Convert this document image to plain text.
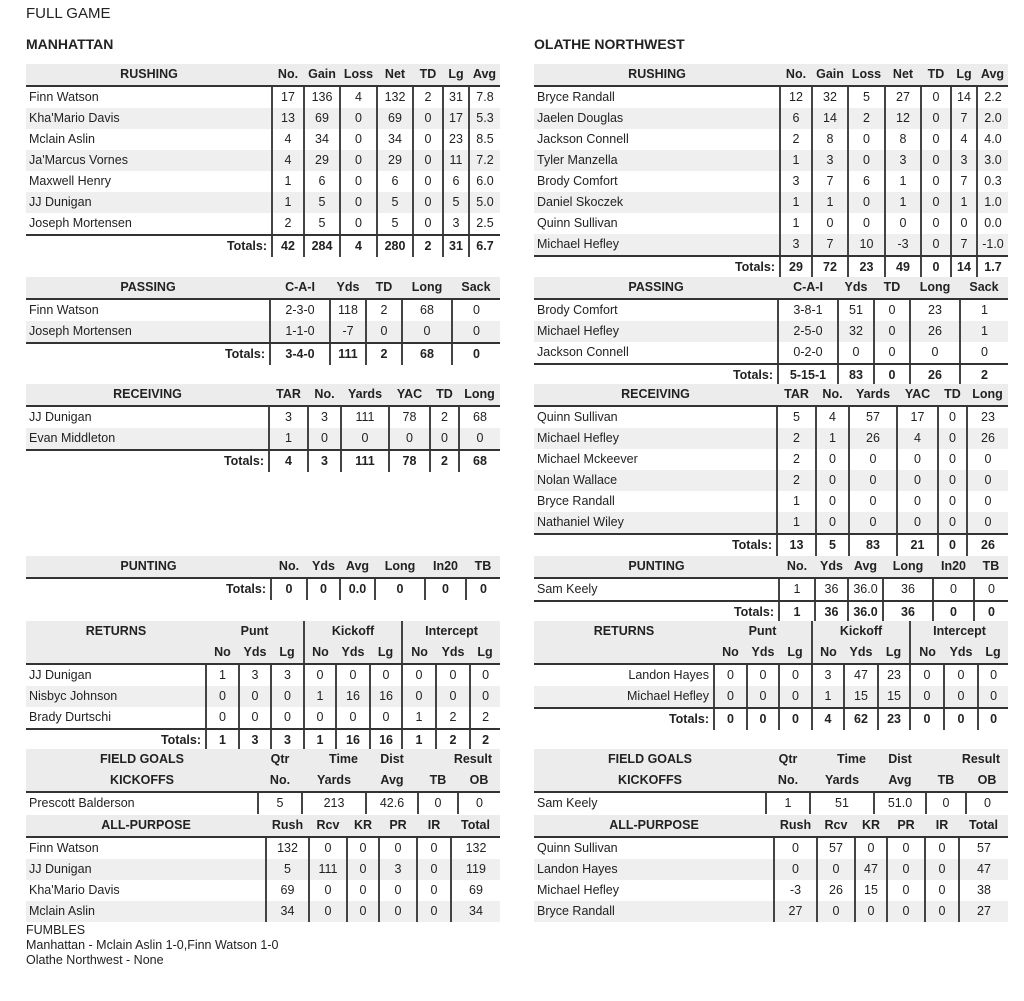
FULL GAME
MANHATTAN	OLATHE NORTHWEST
RUSHING	No.	Gain	Loss	Net	TD	Lg	Avg
Finn Watson	17	136	4	132	2	31	7.8
Kha'Mario Davis	13	69	0	69	0	17	5.3
Mclain Aslin	4	34	0	34	0	23	8.5
Ja'Marcus Vornes	4	29	0	29	0	11	7.2
Maxwell Henry	1	6	0	6	0	6	6.0
JJ Dunigan	1	5	0	5	0	5	5.0
Joseph Mortensen	2	5	0	5	0	3	2.5
Totals:	42	284	4	280	2	31	6.7
RUSHING	No.	Gain	Loss	Net	TD	Lg	Avg
Bryce Randall	12	32	5	27	0	14	2.2
Jaelen Douglas	6	14	2	12	0	7	2.0
Jackson Connell	2	8	0	8	0	4	4.0
Tyler Manzella	1	3	0	3	0	3	3.0
Brody Comfort	3	7	6	1	0	7	0.3
Daniel Skoczek	1	1	0	1	0	1	1.0
Quinn Sullivan	1	0	0	0	0	0	0.0
Michael Hefley	3	7	10	-3	0	7	-1.0
Totals:	29	72	23	49	0	14	1.7
PASSING	C-A-I	Yds	TD	Long	Sack
Finn Watson	2-3-0	118	2	68	0
Joseph Mortensen	1-1-0	-7	0	0	0
Totals:	3-4-0	111	2	68	0
PASSING	C-A-I	Yds	TD	Long	Sack
Brody Comfort	3-8-1	51	0	23	1
Michael Hefley	2-5-0	32	0	26	1
Jackson Connell	0-2-0	0	0	0	0
Totals:	5-15-1	83	0	26	2
RECEIVING	TAR	No.	Yards	YAC	TD	Long
JJ Dunigan	3	3	111	78	2	68
Evan Middleton	1	0	0	0	0	0
Totals:	4	3	111	78	2	68
RECEIVING	TAR	No.	Yards	YAC	TD	Long
Quinn Sullivan	5	4	57	17	0	23
Michael Hefley	2	1	26	4	0	26
Michael Mckeever	2	0	0	0	0	0
Nolan Wallace	2	0	0	0	0	0
Bryce Randall	1	0	0	0	0	0
Nathaniel Wiley	1	0	0	0	0	0
Totals:	13	5	83	21	0	26
PUNTING	No.	Yds	Avg	Long	In20	TB
Totals:	0	0	0.0	0	0	0
PUNTING	No.	Yds	Avg	Long	In20	TB
Sam Keely	1	36	36.0	36	0	0
Totals:	1	36	36.0	36	0	0
RETURNS	Punt			Kickoff			Intercept		
	No	Yds	Lg	No	Yds	Lg	No	Yds	Lg
JJ Dunigan	1	3	3	0	0	0	0	0	0
Nisbyc Johnson	0	0	0	1	16	16	0	0	0
Brady Durtschi	0	0	0	0	0	0	1	2	2
Totals:	1	3	3	1	16	16	1	2	2
RETURNS	Punt			Kickoff			Intercept		
	No	Yds	Lg	No	Yds	Lg	No	Yds	Lg
Landon Hayes	0	0	0	3	47	23	0	0	0
Michael Hefley	0	0	0	1	15	15	0	0	0
Totals:	0	0	0	4	62	23	0	0	0
FIELD GOALS	Qtr	Time	Dist	Result	
KICKOFFS	No.	Yards	Avg	TB	OB
Prescott Balderson	5	213	42.6	0	0
FIELD GOALS	Qtr	Time	Dist	Result	
KICKOFFS	No.	Yards	Avg	TB	OB
Sam Keely	1	51	51.0	0	0
ALL-PURPOSE	Rush	Rcv	KR	PR	IR	Total
Finn Watson	132	0	0	0	0	132
JJ Dunigan	5	111	0	3	0	119
Kha'Mario Davis	69	0	0	0	0	69
Mclain Aslin	34	0	0	0	0	34
ALL-PURPOSE	Rush	Rcv	KR	PR	IR	Total
Quinn Sullivan	0	57	0	0	0	57
Landon Hayes	0	0	47	0	0	47
Michael Hefley	-3	26	15	0	0	38
Bryce Randall	27	0	0	0	0	27
FUMBLES
Manhattan - Mclain Aslin 1-0,Finn Watson 1-0
Olathe Northwest - None
